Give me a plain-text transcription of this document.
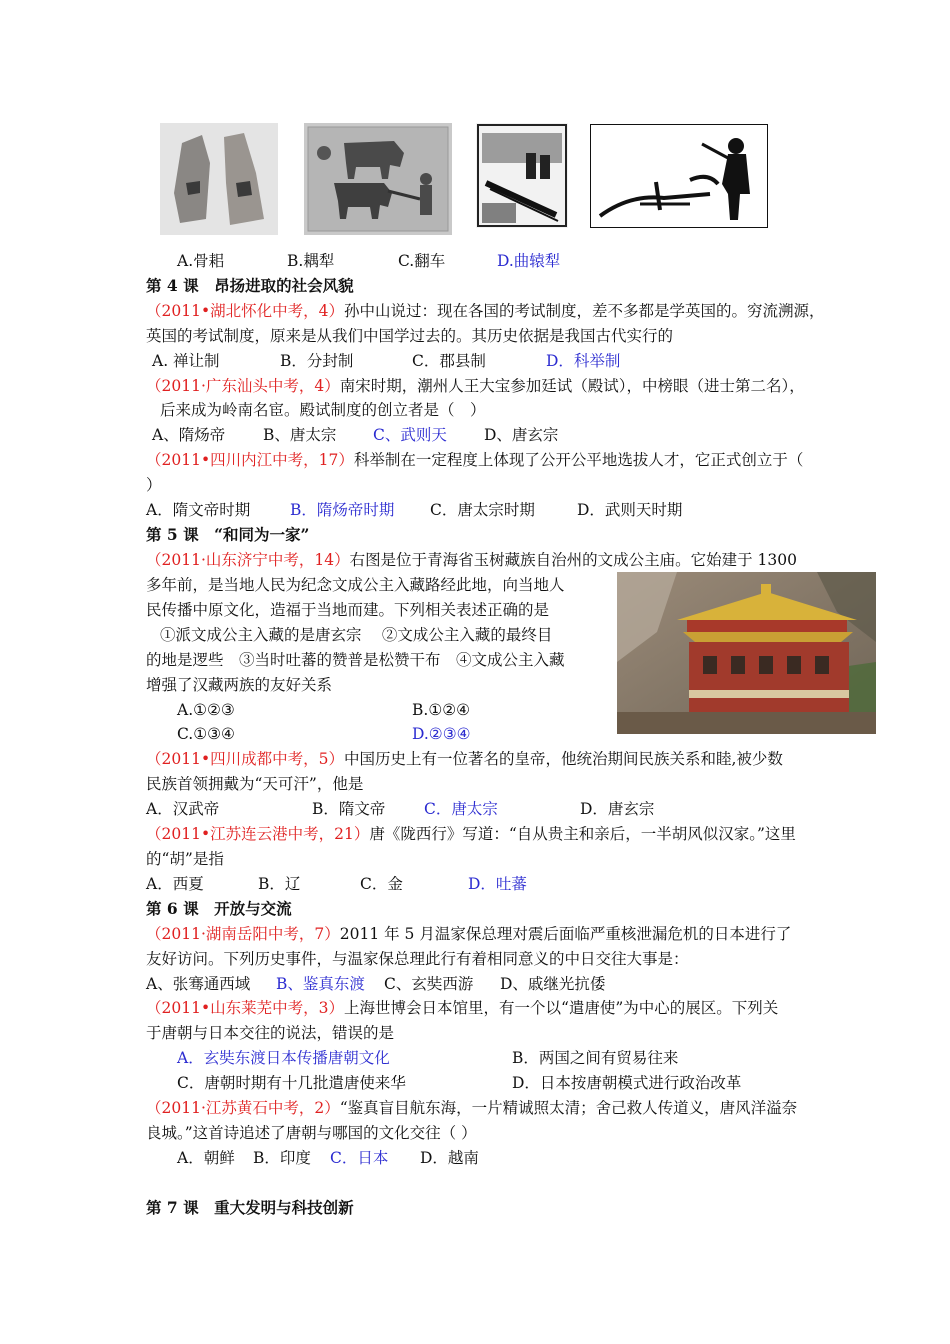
A.骨耜	B.耦犁	C.翻车	D.曲辕犁
第 4 课　昂扬进取的社会风貌
（2011•湖北怀化中考，4）孙中山说过：现在各国的考试制度，差不多都是学英国的。穷流溯源，
英国的考试制度，原来是从我们中国学过去的。其历史依据是我国古代实行的
A. 禅让制	B．分封制	C．郡县制	D．科举制
（2011·广东汕头中考，4）南宋时期，潮州人王大宝参加廷试（殿试），中榜眼（进士第二名），
后来成为岭南名宦。殿试制度的创立者是（　）
A、隋炀帝 B、唐太宗 C、武则天 D、唐玄宗
（2011•四川内江中考，17）科举制在一定程度上体现了公开公平地选拔人才，它正式创立于（
）
A．隋文帝时期	B．隋炀帝时期 C．唐太宗时期	D．武则天时期
第 5 课　“和同为一家”
（2011·山东济宁中考，14）右图是位于青海省玉树藏族自治州的文成公主庙。它始建于 1300
多年前，是当地人民为纪念文成公主入藏路经此地，向当地人
民传播中原文化，造福于当地而建。下列相关表述正确的是
①派文成公主入藏的是唐玄宗　 ②文成公主入藏的最终目
的地是逻些　③当时吐蕃的赞普是松赞干布　④文成公主入藏
增强了汉藏两族的友好关系
A.①②③	B.①②④
C.①③④	D.②③④
（2011•四川成都中考，5）中国历史上有一位著名的皇帝，他统治期间民族关系和睦,被少数
民族首领拥戴为“天可汗”，他是
A．汉武帝	B．隋文帝 C．唐太宗	D．唐玄宗
（2011•江苏连云港中考，21）唐《陇西行》写道：“自从贵主和亲后，一半胡风似汉家。”这里
的“胡”是指
A．西夏	B．辽	C．金	D．吐蕃
第 6 课　开放与交流
（2011·湖南岳阳中考，7）2011 年 5 月温家保总理对震后面临严重核泄漏危机的日本进行了
友好访问。下列历史事件，与温家保总理此行有着相同意义的中日交往大事是：
A、张骞通西域 B、鉴真东渡 C、玄奘西游 D、戚继光抗倭
（2011•山东莱芜中考，3）上海世博会日本馆里，有一个以“遣唐使”为中心的展区。下列关
于唐朝与日本交往的说法，错误的是
A．玄奘东渡日本传播唐朝文化	B．两国之间有贸易往来
C．唐朝时期有十几批遣唐使来华	D．日本按唐朝模式进行政治改革
（2011·江苏黄石中考，2）“鉴真盲目航东海，一片精诚照太清；舍己救人传道义，唐风洋溢奈
良城。”这首诗追述了唐朝与哪国的文化交往（ ）
A．朝鲜 B．印度 C．日本 D．越南
第 7 课　重大发明与科技创新
